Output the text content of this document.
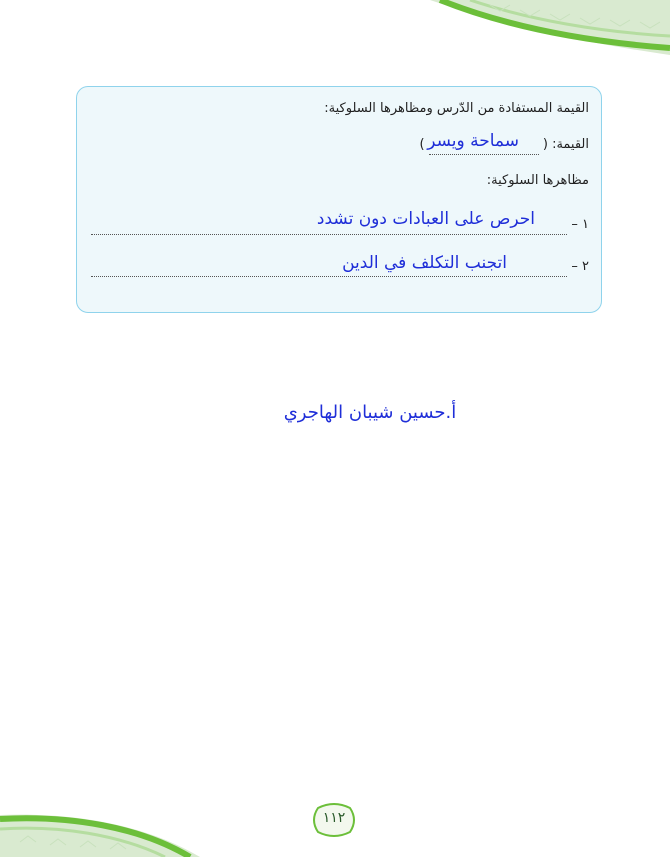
القيمة المستفادة من الدّرس ومظاهرها السلوكية:
القيمة: (  ) سماحة ويسر
مظاهرها السلوكية:
١ –
احرص على العبادات دون تشدد
٢ –
اتجنب التكلف في الدين
أ.حسين شيبان الهاجري
١١٢
